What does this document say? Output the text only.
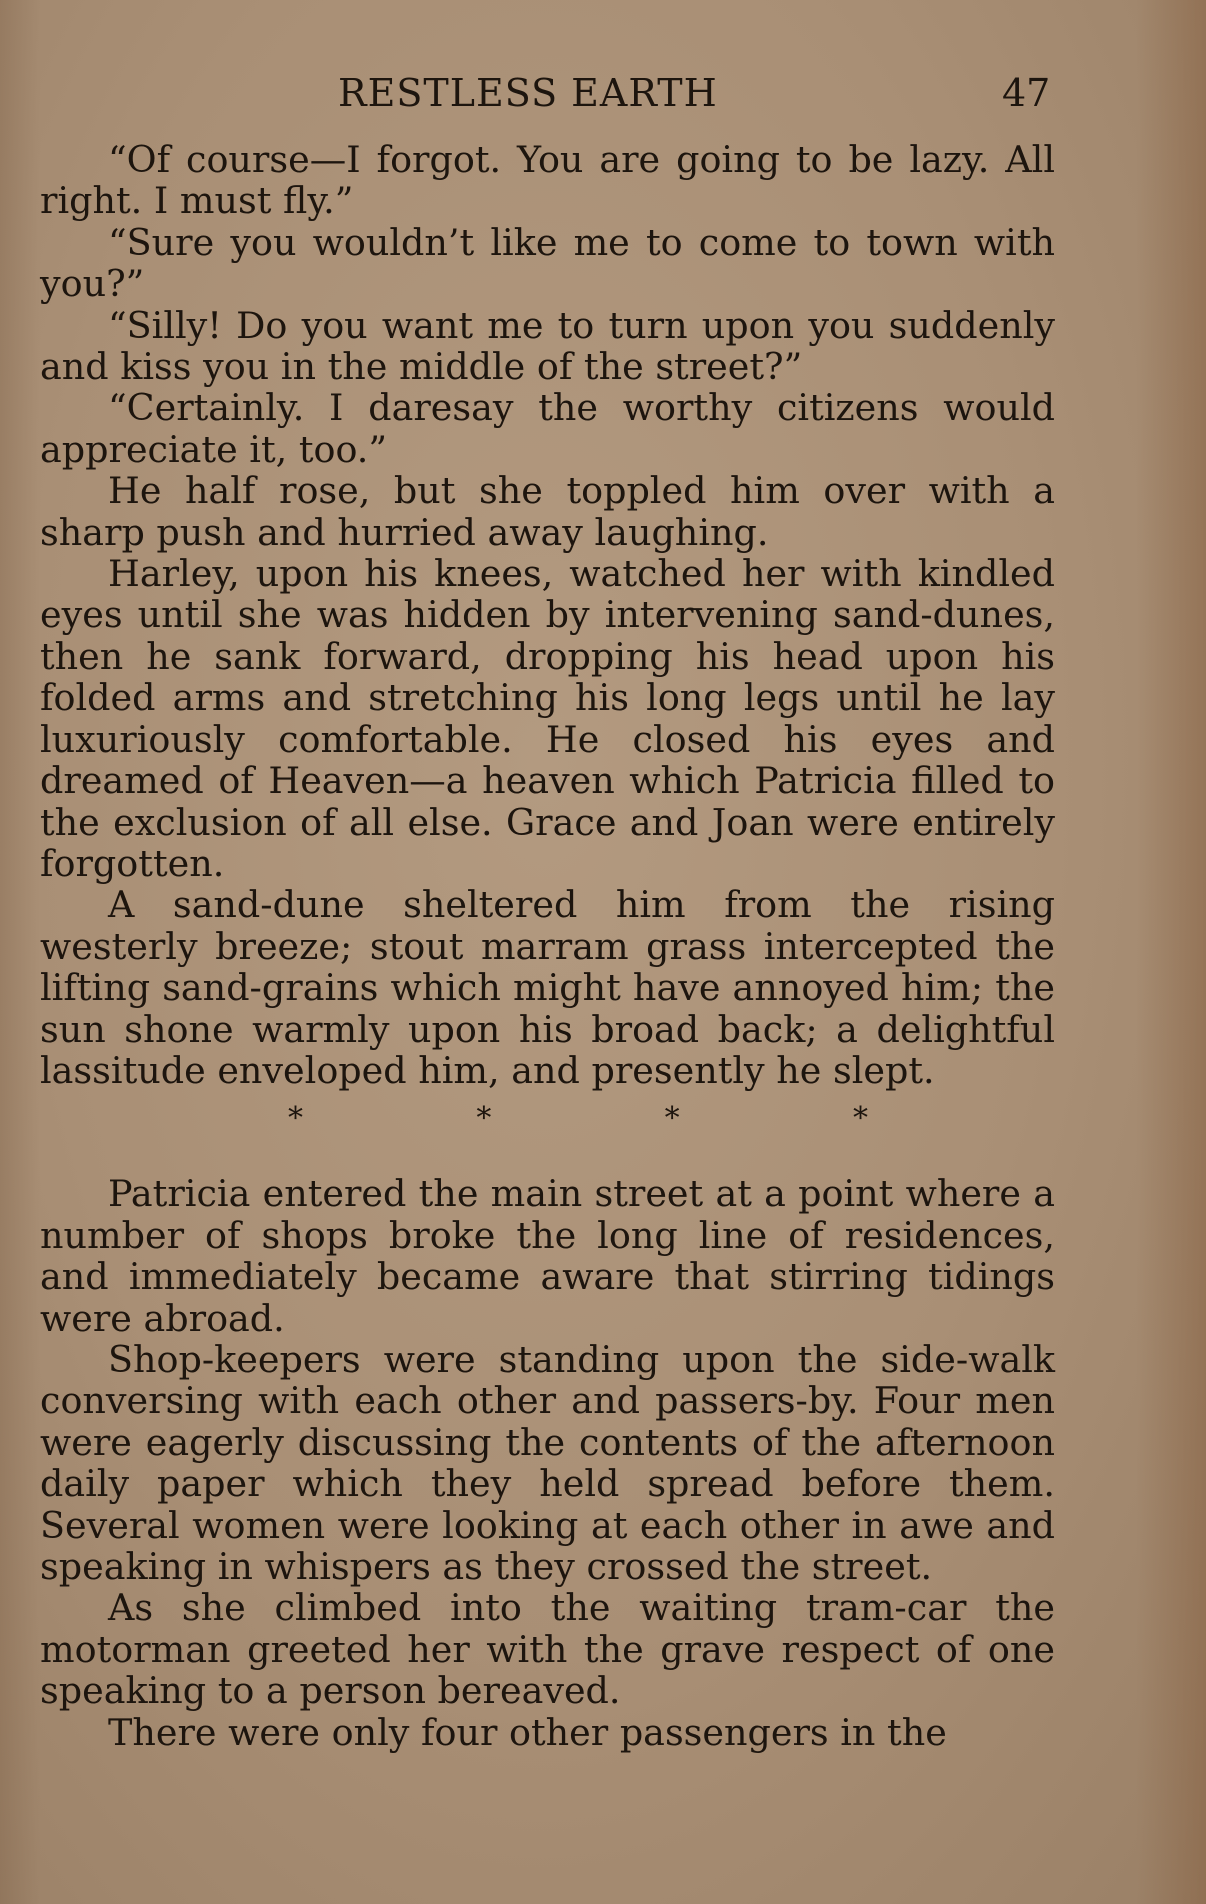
RESTLESS EARTH	47

“Of course—I forgot. You are going to be lazy. All right. I must fly.”

“Sure you wouldn’t like me to come to town with you?”

“Silly! Do you want me to turn upon you suddenly and kiss you in the middle of the street?”

“Certainly. I daresay the worthy citizens would appreciate it, too.”

He half rose, but she toppled him over with a sharp push and hurried away laughing.

Harley, upon his knees, watched her with kindled eyes until she was hidden by intervening sand-dunes, then he sank forward, dropping his head upon his folded arms and stretching his long legs until he lay luxuriously comfortable. He closed his eyes and dreamed of Heaven—a heaven which Patricia filled to the exclusion of all else. Grace and Joan were entirely forgotten.

A sand-dune sheltered him from the rising westerly breeze; stout marram grass intercepted the lifting sand-grains which might have annoyed him; the sun shone warmly upon his broad back; a delightful lassitude enveloped him, and presently he slept.

*	*	*	*

Patricia entered the main street at a point where a number of shops broke the long line of residences, and immediately became aware that stirring tidings were abroad.

Shop-keepers were standing upon the side-walk conversing with each other and passers-by. Four men were eagerly discussing the contents of the afternoon daily paper which they held spread before them. Several women were looking at each other in awe and speaking in whispers as they crossed the street.

As she climbed into the waiting tram-car the motorman greeted her with the grave respect of one speaking to a person bereaved.

There were only four other passengers in the
